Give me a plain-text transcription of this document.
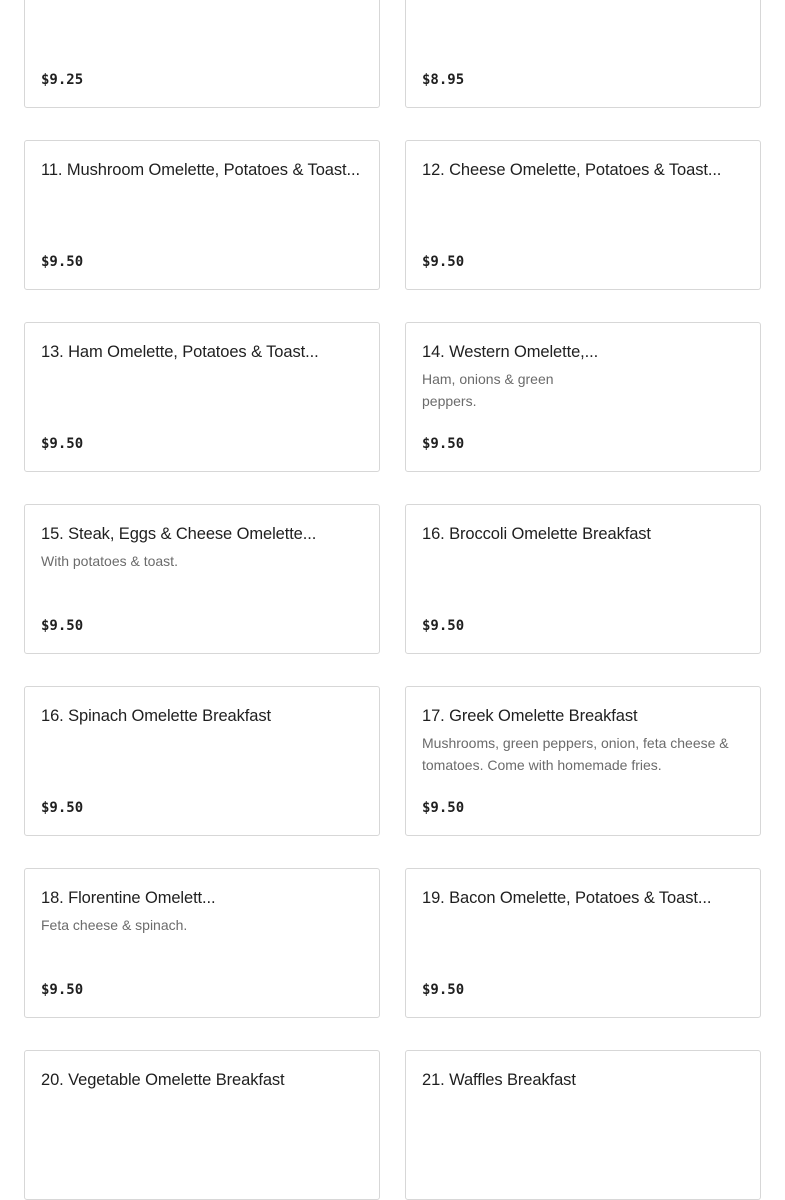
$9.25	$8.95
11. Mushroom Omelette, Potatoes & Toast...
$9.50
12. Cheese Omelette, Potatoes & Toast...
$9.50
13. Ham Omelette, Potatoes & Toast...
$9.50
14. Western Omelette,...
Ham, onions & green peppers.
$9.50
15. Steak, Eggs & Cheese Omelette...
With potatoes & toast.
$9.50
16. Broccoli Omelette Breakfast
$9.50
16. Spinach Omelette Breakfast
$9.50
17. Greek Omelette Breakfast
Mushrooms, green peppers, onion, feta cheese & tomatoes. Come with homemade fries.
$9.50
18. Florentine Omelett...
Feta cheese & spinach.
$9.50
19. Bacon Omelette, Potatoes & Toast...
$9.50
20. Vegetable Omelette Breakfast	21. Waffles Breakfast
